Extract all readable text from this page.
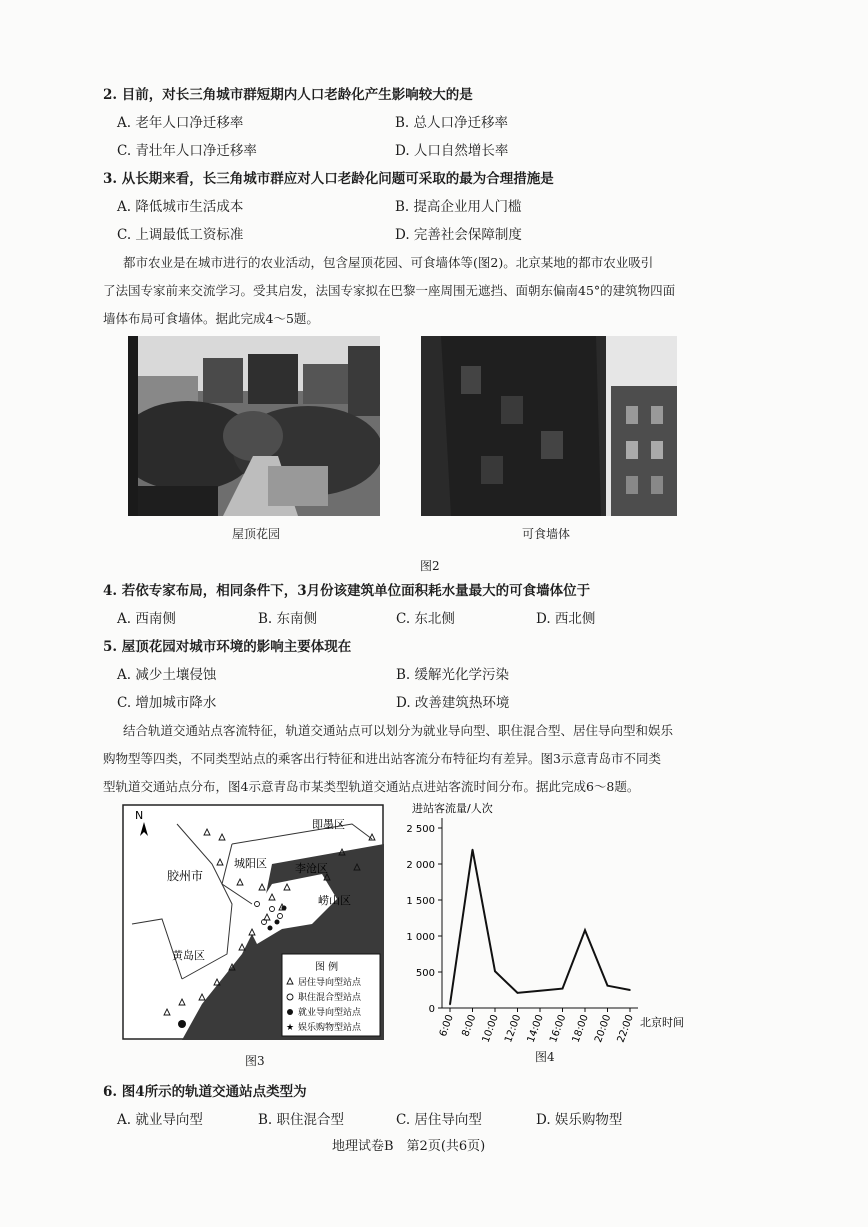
2. 目前，对长三角城市群短期内人口老龄化产生影响较大的是
A. 老年人口净迁移率	B. 总人口净迁移率
C. 青壮年人口净迁移率	D. 人口自然增长率
3. 从长期来看，长三角城市群应对人口老龄化问题可采取的最为合理措施是
A. 降低城市生活成本	B. 提高企业用人门槛
C. 上调最低工资标准	D. 完善社会保障制度
都市农业是在城市进行的农业活动，包含屋顶花园、可食墙体等(图2)。北京某地的都市农业吸引
了法国专家前来交流学习。受其启发，法国专家拟在巴黎一座周围无遮挡、面朝东偏南45°的建筑物四面
墙体布局可食墙体。据此完成4～5题。
屋顶花园	可食墙体
图2
4. 若依专家布局，相同条件下，3月份该建筑单位面积耗水量最大的可食墙体位于
A. 西南侧	B. 东南侧	C. 东北侧	D. 西北侧
5. 屋顶花园对城市环境的影响主要体现在
A. 减少土壤侵蚀	B. 缓解光化学污染
C. 增加城市降水	D. 改善建筑热环境
结合轨道交通站点客流特征，轨道交通站点可以划分为就业导向型、职住混合型、居住导向型和娱乐
购物型等四类，不同类型站点的乘客出行特征和进出站客流分布特征均有差异。图3示意青岛市不同类
型轨道交通站点分布，图4示意青岛市某类型轨道交通站点进站客流时间分布。据此完成6～8题。
N
胶州市
即墨区
城阳区	李沧区
崂山区
黄岛区
图 例
居住导向型站点
职住混合型站点
就业导向型站点
★ 娱乐购物型站点
图3
进站客流量/人次
0
500
1 000
1 500
2 000
2 500
6:00 8:00 10:00 12:00 14:00 16:00 18:00 20:00 22:00 北京时间
图4
6. 图4所示的轨道交通站点类型为
A. 就业导向型	B. 职住混合型	C. 居住导向型	D. 娱乐购物型
地理试卷B　第2页(共6页)
